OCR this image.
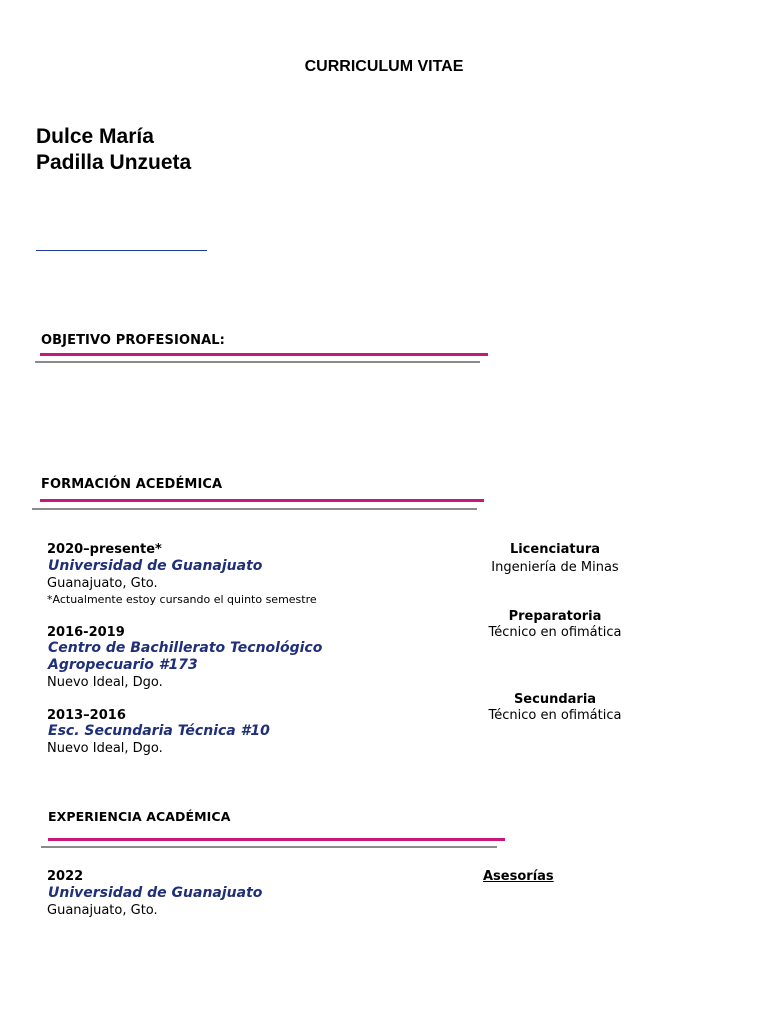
CURRICULUM VITAE
Dulce María
Padilla Unzueta
OBJETIVO PROFESIONAL:
FORMACIÓN ACEDÉMICA
2020–presente*
Universidad de Guanajuato
Guanajuato, Gto.
*Actualmente estoy cursando el quinto semestre
Licenciatura
Ingeniería de Minas
2016-2019
Centro de Bachillerato Tecnológico
Agropecuario #173
Nuevo Ideal, Dgo.
Preparatoria
Técnico en ofimática
2013–2016
Esc. Secundaria Técnica #10
Nuevo Ideal, Dgo.
Secundaria
Técnico en ofimática
EXPERIENCIA ACADÉMICA
2022
Universidad de Guanajuato
Guanajuato, Gto.
Asesorías
